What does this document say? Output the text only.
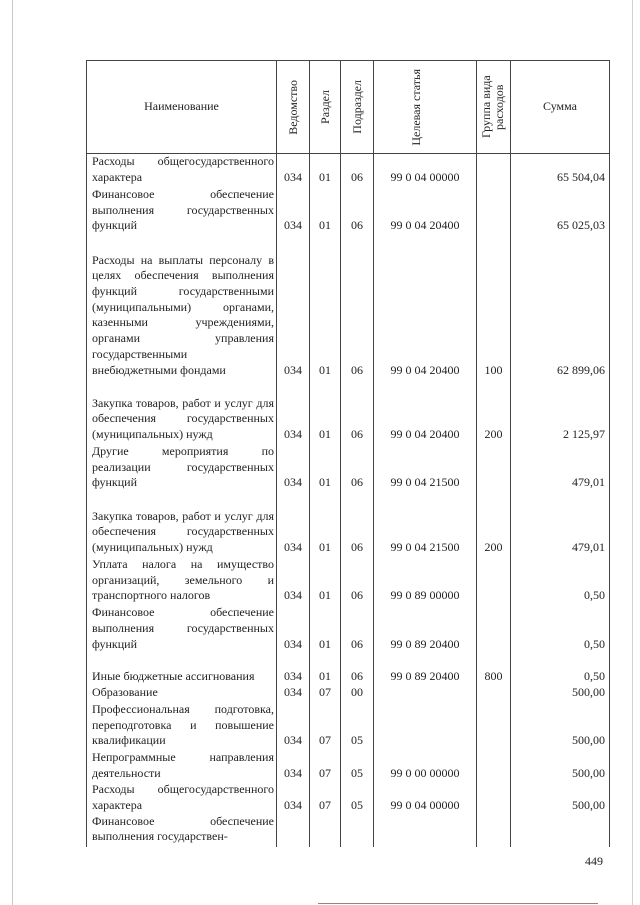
Наименование	Ведомство	Раздел	Подраздел	Целевая статья	Группа вида расходов	Сумма
Расходы общегосударственного характера	034	01	06	99 0 04 00000		65 504,04
Финансовое обеспечение выполнения государственных функций	034	01	06	99 0 04 20400		65 025,03
Расходы на выплаты персоналу в целях обеспечения выполнения функций государственными (муниципальными) органами, казенными учреждениями, органами управления государственными внебюджетными фондами	034	01	06	99 0 04 20400	100	62 899,06
Закупка товаров, работ и услуг для обеспечения государственных (муниципальных) нужд	034	01	06	99 0 04 20400	200	2 125,97
Другие мероприятия по реализации государственных функций	034	01	06	99 0 04 21500		479,01
Закупка товаров, работ и услуг для обеспечения государственных (муниципальных) нужд	034	01	06	99 0 04 21500	200	479,01
Уплата налога на имущество организаций, земельного и транспортного налогов	034	01	06	99 0 89 00000		0,50
Финансовое обеспечение выполнения государственных функций	034	01	06	99 0 89 20400		0,50
Иные бюджетные ассигнования	034	01	06	99 0 89 20400	800	0,50
Образование	034	07	00			500,00
Профессиональная подготовка, переподготовка и повышение квалификации	034	07	05			500,00
Непрограммные направления деятельности	034	07	05	99 0 00 00000		500,00
Расходы общегосударственного характера	034	07	05	99 0 04 00000		500,00
Финансовое обеспечение выполнения государствен-						
449
